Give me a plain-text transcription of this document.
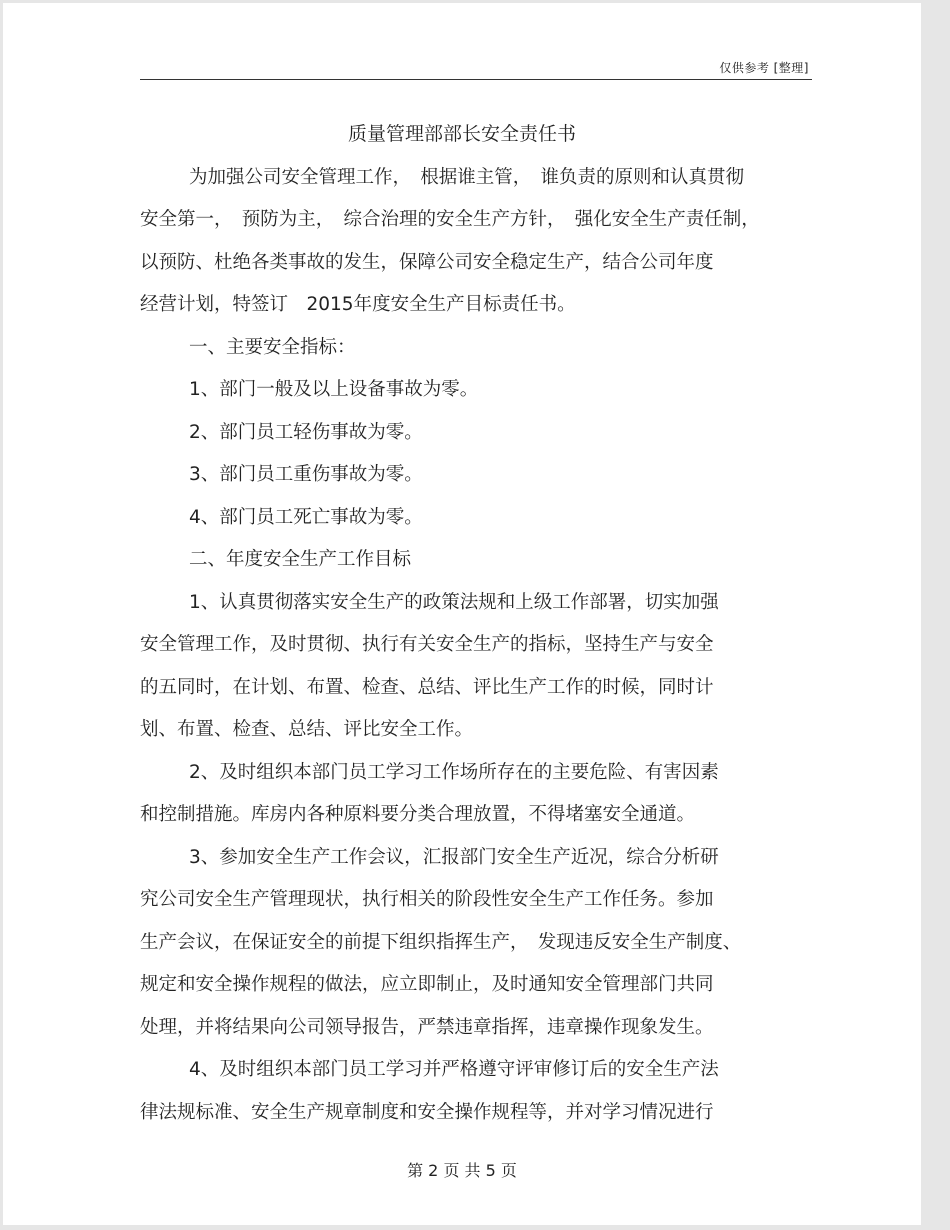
仅供参考 [整理]
质量管理部部长安全责任书
为加强公司安全管理工作，　根据谁主管，　谁负责的原则和认真贯彻
安全第一，　预防为主，　综合治理的安全生产方针，　强化安全生产责任制，
以预防、杜绝各类事故的发生，保障公司安全稳定生产，结合公司年度
经营计划，特签订　2015年度安全生产目标责任书。
一、主要安全指标：
1、部门一般及以上设备事故为零。
2、部门员工轻伤事故为零。
3、部门员工重伤事故为零。
4、部门员工死亡事故为零。
二、年度安全生产工作目标
1、认真贯彻落实安全生产的政策法规和上级工作部署，切实加强
安全管理工作，及时贯彻、执行有关安全生产的指标，坚持生产与安全
的五同时，在计划、布置、检查、总结、评比生产工作的时候，同时计
划、布置、检查、总结、评比安全工作。
2、及时组织本部门员工学习工作场所存在的主要危险、有害因素
和控制措施。库房内各种原料要分类合理放置，不得堵塞安全通道。
3、参加安全生产工作会议，汇报部门安全生产近况，综合分析研
究公司安全生产管理现状，执行相关的阶段性安全生产工作任务。参加
生产会议，在保证安全的前提下组织指挥生产，　发现违反安全生产制度、
规定和安全操作规程的做法，应立即制止，及时通知安全管理部门共同
处理，并将结果向公司领导报告，严禁违章指挥，违章操作现象发生。
4、及时组织本部门员工学习并严格遵守评审修订后的安全生产法
律法规标准、安全生产规章制度和安全操作规程等，并对学习情况进行
第 2 页 共 5 页
